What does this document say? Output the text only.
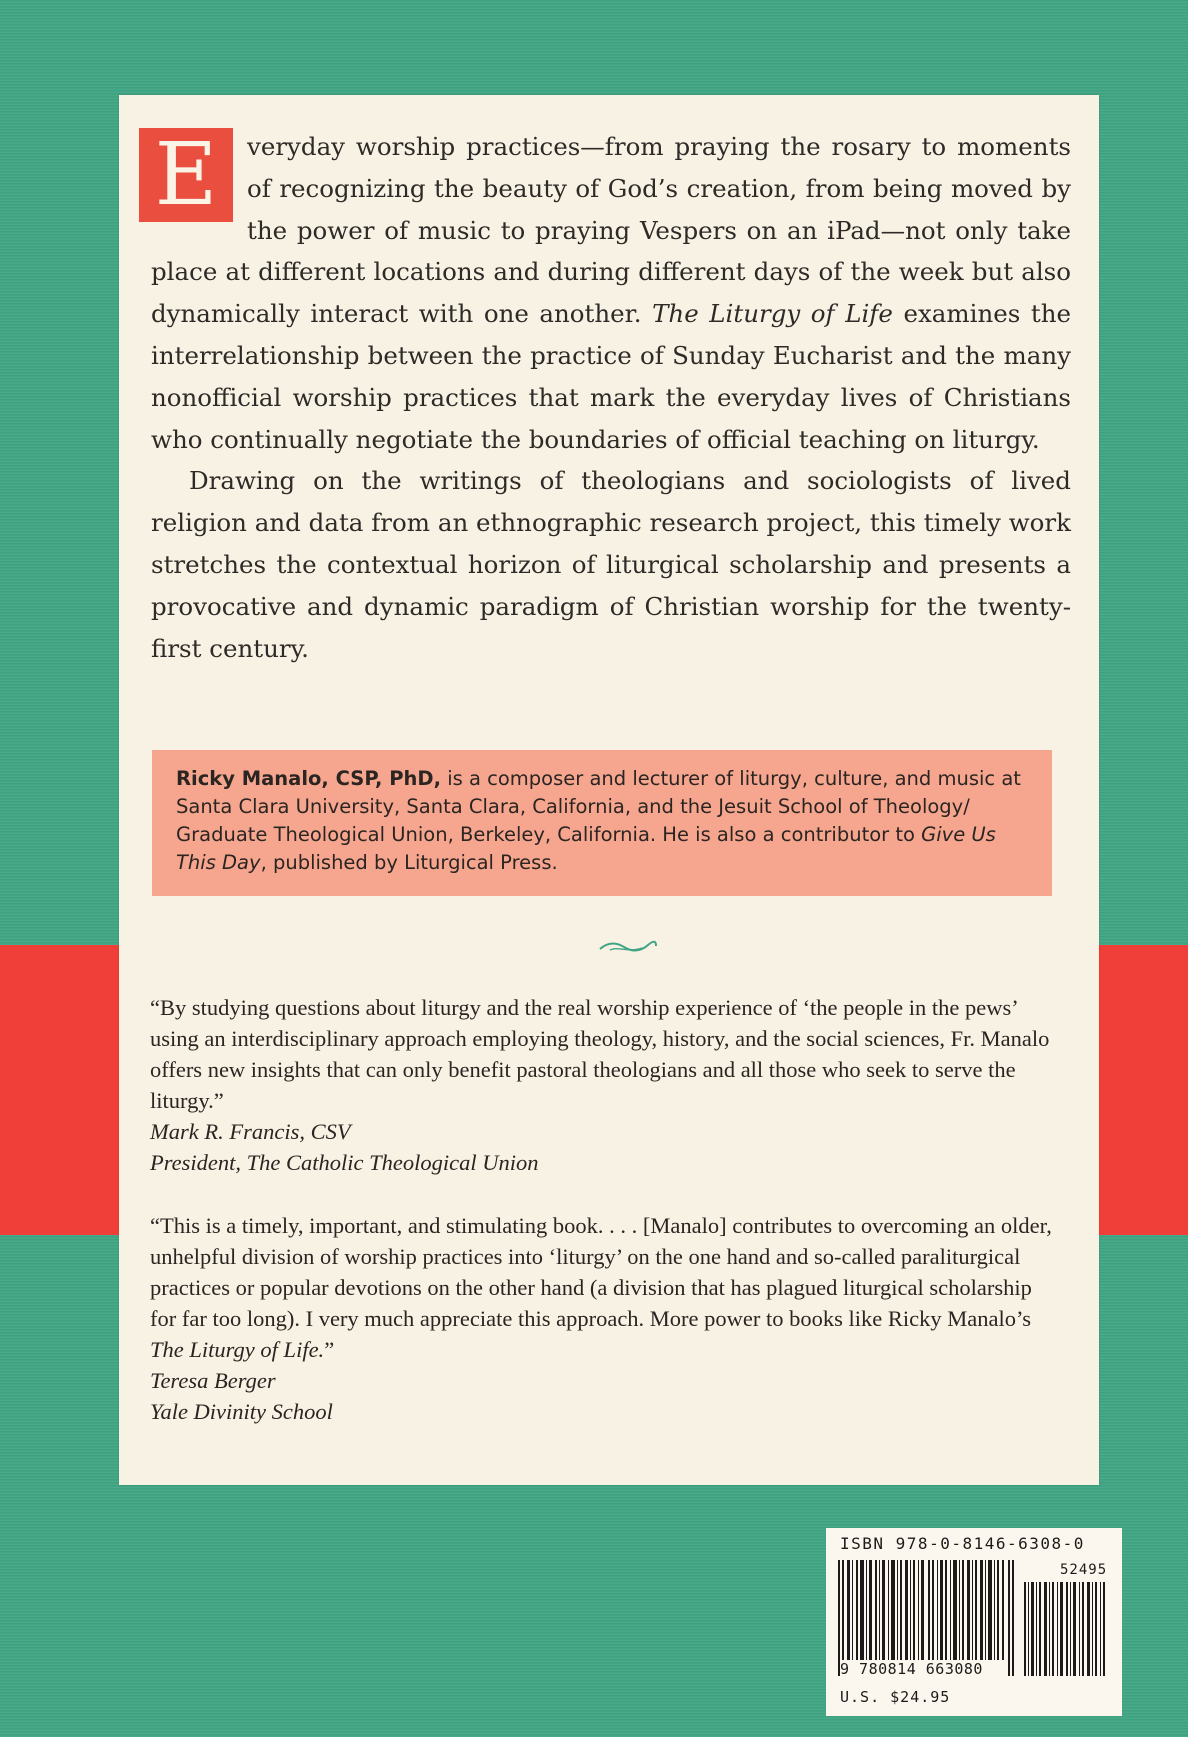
E	veryday worship practices—from praying the rosary to moments of recognizing the beauty of God’s creation, from being moved by the power of music to praying Vespers on an iPad—not only take place at different locations and during different days of the week but also dynamically interact with one another. The Liturgy of Life examines the interrelationship between the practice of Sunday Eucharist and the many nonofficial worship practices that mark the everyday lives of Christians who continually negotiate the boundaries of official teaching on liturgy.

Drawing on the writings of theologians and sociologists of lived religion and data from an ethnographic research project, this timely work stretches the contextual horizon of liturgical scholarship and presents a provocative and dynamic paradigm of Christian worship for the twenty-first century.

Ricky Manalo, CSP, PhD, is a composer and lecturer of liturgy, culture, and music at Santa Clara University, Santa Clara, California, and the Jesuit School of Theology/ Graduate Theological Union, Berkeley, California. He is also a contributor to Give Us This Day, published by Liturgical Press.

“By studying questions about liturgy and the real worship experience of ‘the people in the pews’ using an interdisciplinary approach employing theology, history, and the social sciences, Fr. Manalo offers new insights that can only benefit pastoral theologians and all those who seek to serve the liturgy.”

Mark R. Francis, CSV

President, The Catholic Theological Union

“This is a timely, important, and stimulating book. . . . [Manalo] contributes to overcoming an older, unhelpful division of worship practices into ‘liturgy’ on the one hand and so-called paraliturgical practices or popular devotions on the other hand (a division that has plagued liturgical scholarship for far too long). I very much appreciate this approach. More power to books like Ricky Manalo’s The Liturgy of Life.”

Teresa Berger

Yale Divinity School

ISBN 978-0-8146-6308-0
52495
9 780814 663080
U.S. $24.95
